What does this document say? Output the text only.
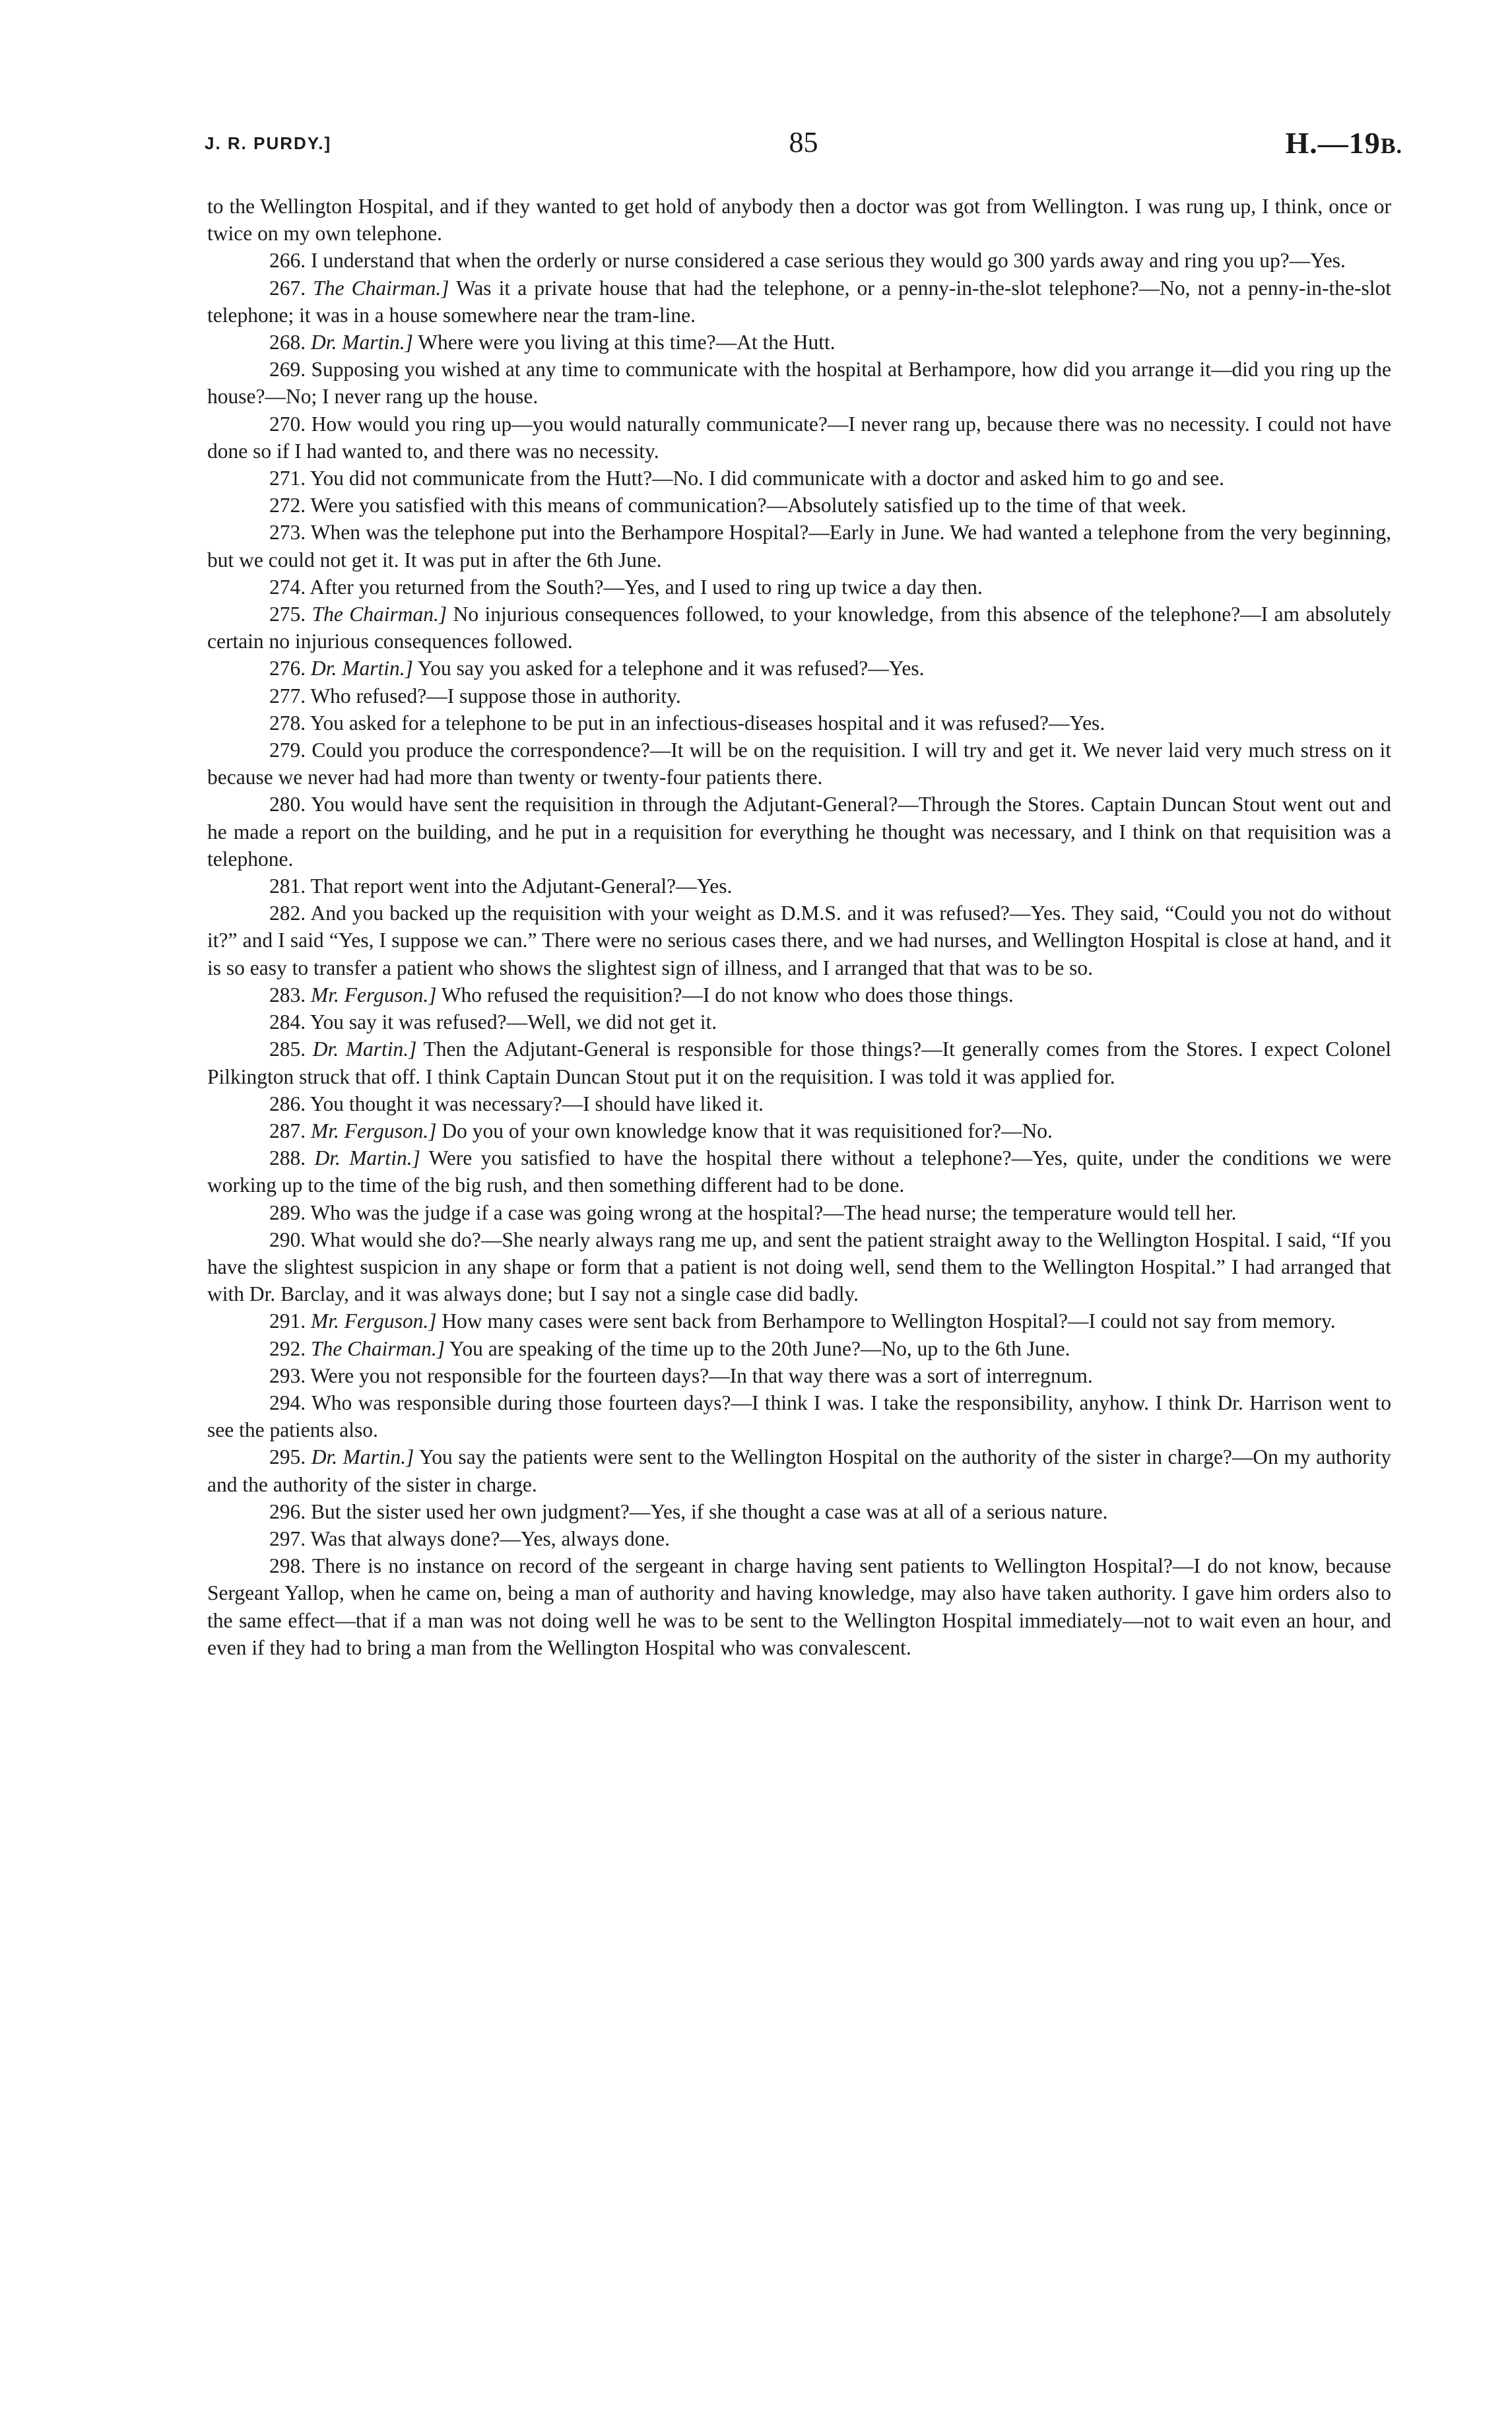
J. R. PURDY.]	85	H.—19B.

to the Wellington Hospital, and if they wanted to get hold of anybody then a doctor was got from Wellington. I was rung up, I think, once or twice on my own telephone.

266. I understand that when the orderly or nurse considered a case serious they would go 300 yards away and ring you up?—Yes.

267. The Chairman.] Was it a private house that had the telephone, or a penny-in-the-slot telephone?—No, not a penny-in-the-slot telephone; it was in a house somewhere near the tram-line.

268. Dr. Martin.] Where were you living at this time?—At the Hutt.

269. Supposing you wished at any time to communicate with the hospital at Berhampore, how did you arrange it—did you ring up the house?—No; I never rang up the house.

270. How would you ring up—you would naturally communicate?—I never rang up, because there was no necessity. I could not have done so if I had wanted to, and there was no necessity.

271. You did not communicate from the Hutt?—No. I did communicate with a doctor and asked him to go and see.

272. Were you satisfied with this means of communication?—Absolutely satisfied up to the time of that week.

273. When was the telephone put into the Berhampore Hospital?—Early in June. We had wanted a telephone from the very beginning, but we could not get it. It was put in after the 6th June.

274. After you returned from the South?—Yes, and I used to ring up twice a day then.

275. The Chairman.] No injurious consequences followed, to your knowledge, from this absence of the telephone?—I am absolutely certain no injurious consequences followed.

276. Dr. Martin.] You say you asked for a telephone and it was refused?—Yes.

277. Who refused?—I suppose those in authority.

278. You asked for a telephone to be put in an infectious-diseases hospital and it was refused?—Yes.

279. Could you produce the correspondence?—It will be on the requisition. I will try and get it. We never laid very much stress on it because we never had had more than twenty or twenty-four patients there.

280. You would have sent the requisition in through the Adjutant-General?—Through the Stores. Captain Duncan Stout went out and he made a report on the building, and he put in a requisition for everything he thought was necessary, and I think on that requisition was a telephone.

281. That report went into the Adjutant-General?—Yes.

282. And you backed up the requisition with your weight as D.M.S. and it was refused?—Yes. They said, “Could you not do without it?” and I said “Yes, I suppose we can.” There were no serious cases there, and we had nurses, and Wellington Hospital is close at hand, and it is so easy to transfer a patient who shows the slightest sign of illness, and I arranged that that was to be so.

283. Mr. Ferguson.] Who refused the requisition?—I do not know who does those things.

284. You say it was refused?—Well, we did not get it.

285. Dr. Martin.] Then the Adjutant-General is responsible for those things?—It generally comes from the Stores. I expect Colonel Pilkington struck that off. I think Captain Duncan Stout put it on the requisition. I was told it was applied for.

286. You thought it was necessary?—I should have liked it.

287. Mr. Ferguson.] Do you of your own knowledge know that it was requisitioned for?—No.

288. Dr. Martin.] Were you satisfied to have the hospital there without a telephone?—Yes, quite, under the conditions we were working up to the time of the big rush, and then something different had to be done.

289. Who was the judge if a case was going wrong at the hospital?—The head nurse; the temperature would tell her.

290. What would she do?—She nearly always rang me up, and sent the patient straight away to the Wellington Hospital. I said, “If you have the slightest suspicion in any shape or form that a patient is not doing well, send them to the Wellington Hospital.” I had arranged that with Dr. Barclay, and it was always done; but I say not a single case did badly.

291. Mr. Ferguson.] How many cases were sent back from Berhampore to Wellington Hospital?—I could not say from memory.

292. The Chairman.] You are speaking of the time up to the 20th June?—No, up to the 6th June.

293. Were you not responsible for the fourteen days?—In that way there was a sort of interregnum.

294. Who was responsible during those fourteen days?—I think I was. I take the responsibility, anyhow. I think Dr. Harrison went to see the patients also.

295. Dr. Martin.] You say the patients were sent to the Wellington Hospital on the authority of the sister in charge?—On my authority and the authority of the sister in charge.

296. But the sister used her own judgment?—Yes, if she thought a case was at all of a serious nature.

297. Was that always done?—Yes, always done.

298. There is no instance on record of the sergeant in charge having sent patients to Wellington Hospital?—I do not know, because Sergeant Yallop, when he came on, being a man of authority and having knowledge, may also have taken authority. I gave him orders also to the same effect—that if a man was not doing well he was to be sent to the Wellington Hospital immediately—not to wait even an hour, and even if they had to bring a man from the Wellington Hospital who was convalescent.
